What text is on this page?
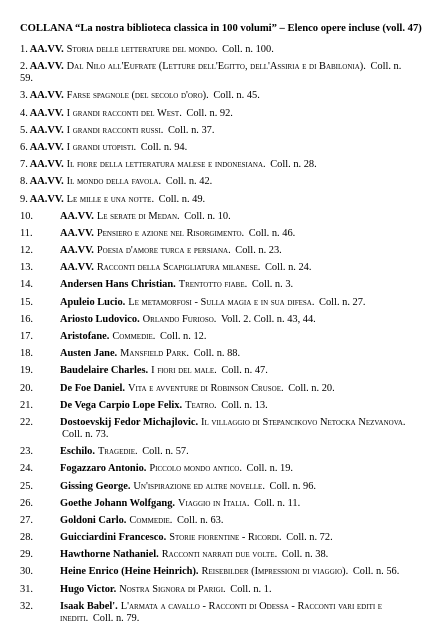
COLLANA “La nostra biblioteca classica in 100 volumi” – Elenco opere incluse (voll. 47)
1. AA.VV. Storia delle letterature del mondo. Coll. n. 100.
2. AA.VV. Dal Nilo all'Eufrate (Letture dell'Egitto, dell'Assiria e di Babilonia). Coll. n. 59.
3. AA.VV. Farse spagnole (del secolo d'oro). Coll. n. 45.
4. AA.VV. I grandi racconti del West. Coll. n. 92.
5. AA.VV. I grandi racconti russi. Coll. n. 37.
6. AA.VV. I grandi utopisti. Coll. n. 94.
7. AA.VV. Il fiore della letteratura malese e indonesiana. Coll. n. 28.
8. AA.VV. Il mondo della favola. Coll. n. 42.
9. AA.VV. Le mille e una notte. Coll. n. 49.
10.	AA.VV. Le serate di Medan. Coll. n. 10.
11.	AA.VV. Pensiero e azione nel Risorgimento. Coll. n. 46.
12.	AA.VV. Poesia d'amore turca e persiana. Coll. n. 23.
13.	AA.VV. Racconti della Scapigliatura milanese. Coll. n. 24.
14.	Andersen Hans Christian. Trentotto fiabe. Coll. n. 3.
15.	Apuleio Lucio. Le metamorfosi - Sulla magia e in sua difesa. Coll. n. 27.
16.	Ariosto Ludovico. Orlando Furioso. Voll. 2. Coll. n. 43, 44.
17.	Aristofane. Commedie. Coll. n. 12.
18.	Austen Jane. Mansfield Park. Coll. n. 88.
19.	Baudelaire Charles. I fiori del male. Coll. n. 47.
20.	De Foe Daniel. Vita e avventure di Robinson Crusoe. Coll. n. 20.
21.	De Vega Carpio Lope Felix. Teatro. Coll. n. 13.
22.	Dostoevskij Fedor Michajlovic. Il villaggio di Stepancikovo Netocka Nezvanova. Coll. n. 73.
23.	Eschilo. Tragedie. Coll. n. 57.
24.	Fogazzaro Antonio. Piccolo mondo antico. Coll. n. 19.
25.	Gissing George. Un'ispirazione ed altre novelle. Coll. n. 96.
26.	Goethe Johann Wolfgang. Viaggio in Italia. Coll. n. 11.
27.	Goldoni Carlo. Commedie. Coll. n. 63.
28.	Guicciardini Francesco. Storie fiorentine - Ricordi. Coll. n. 72.
29.	Hawthorne Nathaniel. Racconti narrati due volte. Coll. n. 38.
30.	Heine Enrico (Heine Heinrich). Reisebilder (Impressioni di viaggio). Coll. n. 56.
31.	Hugo Victor. Nostra Signora di Parigi. Coll. n. 1.
32.	Isaak Babel'. L'armata a cavallo - Racconti di Odessa - Racconti vari editi e inediti. Coll. n. 79.
